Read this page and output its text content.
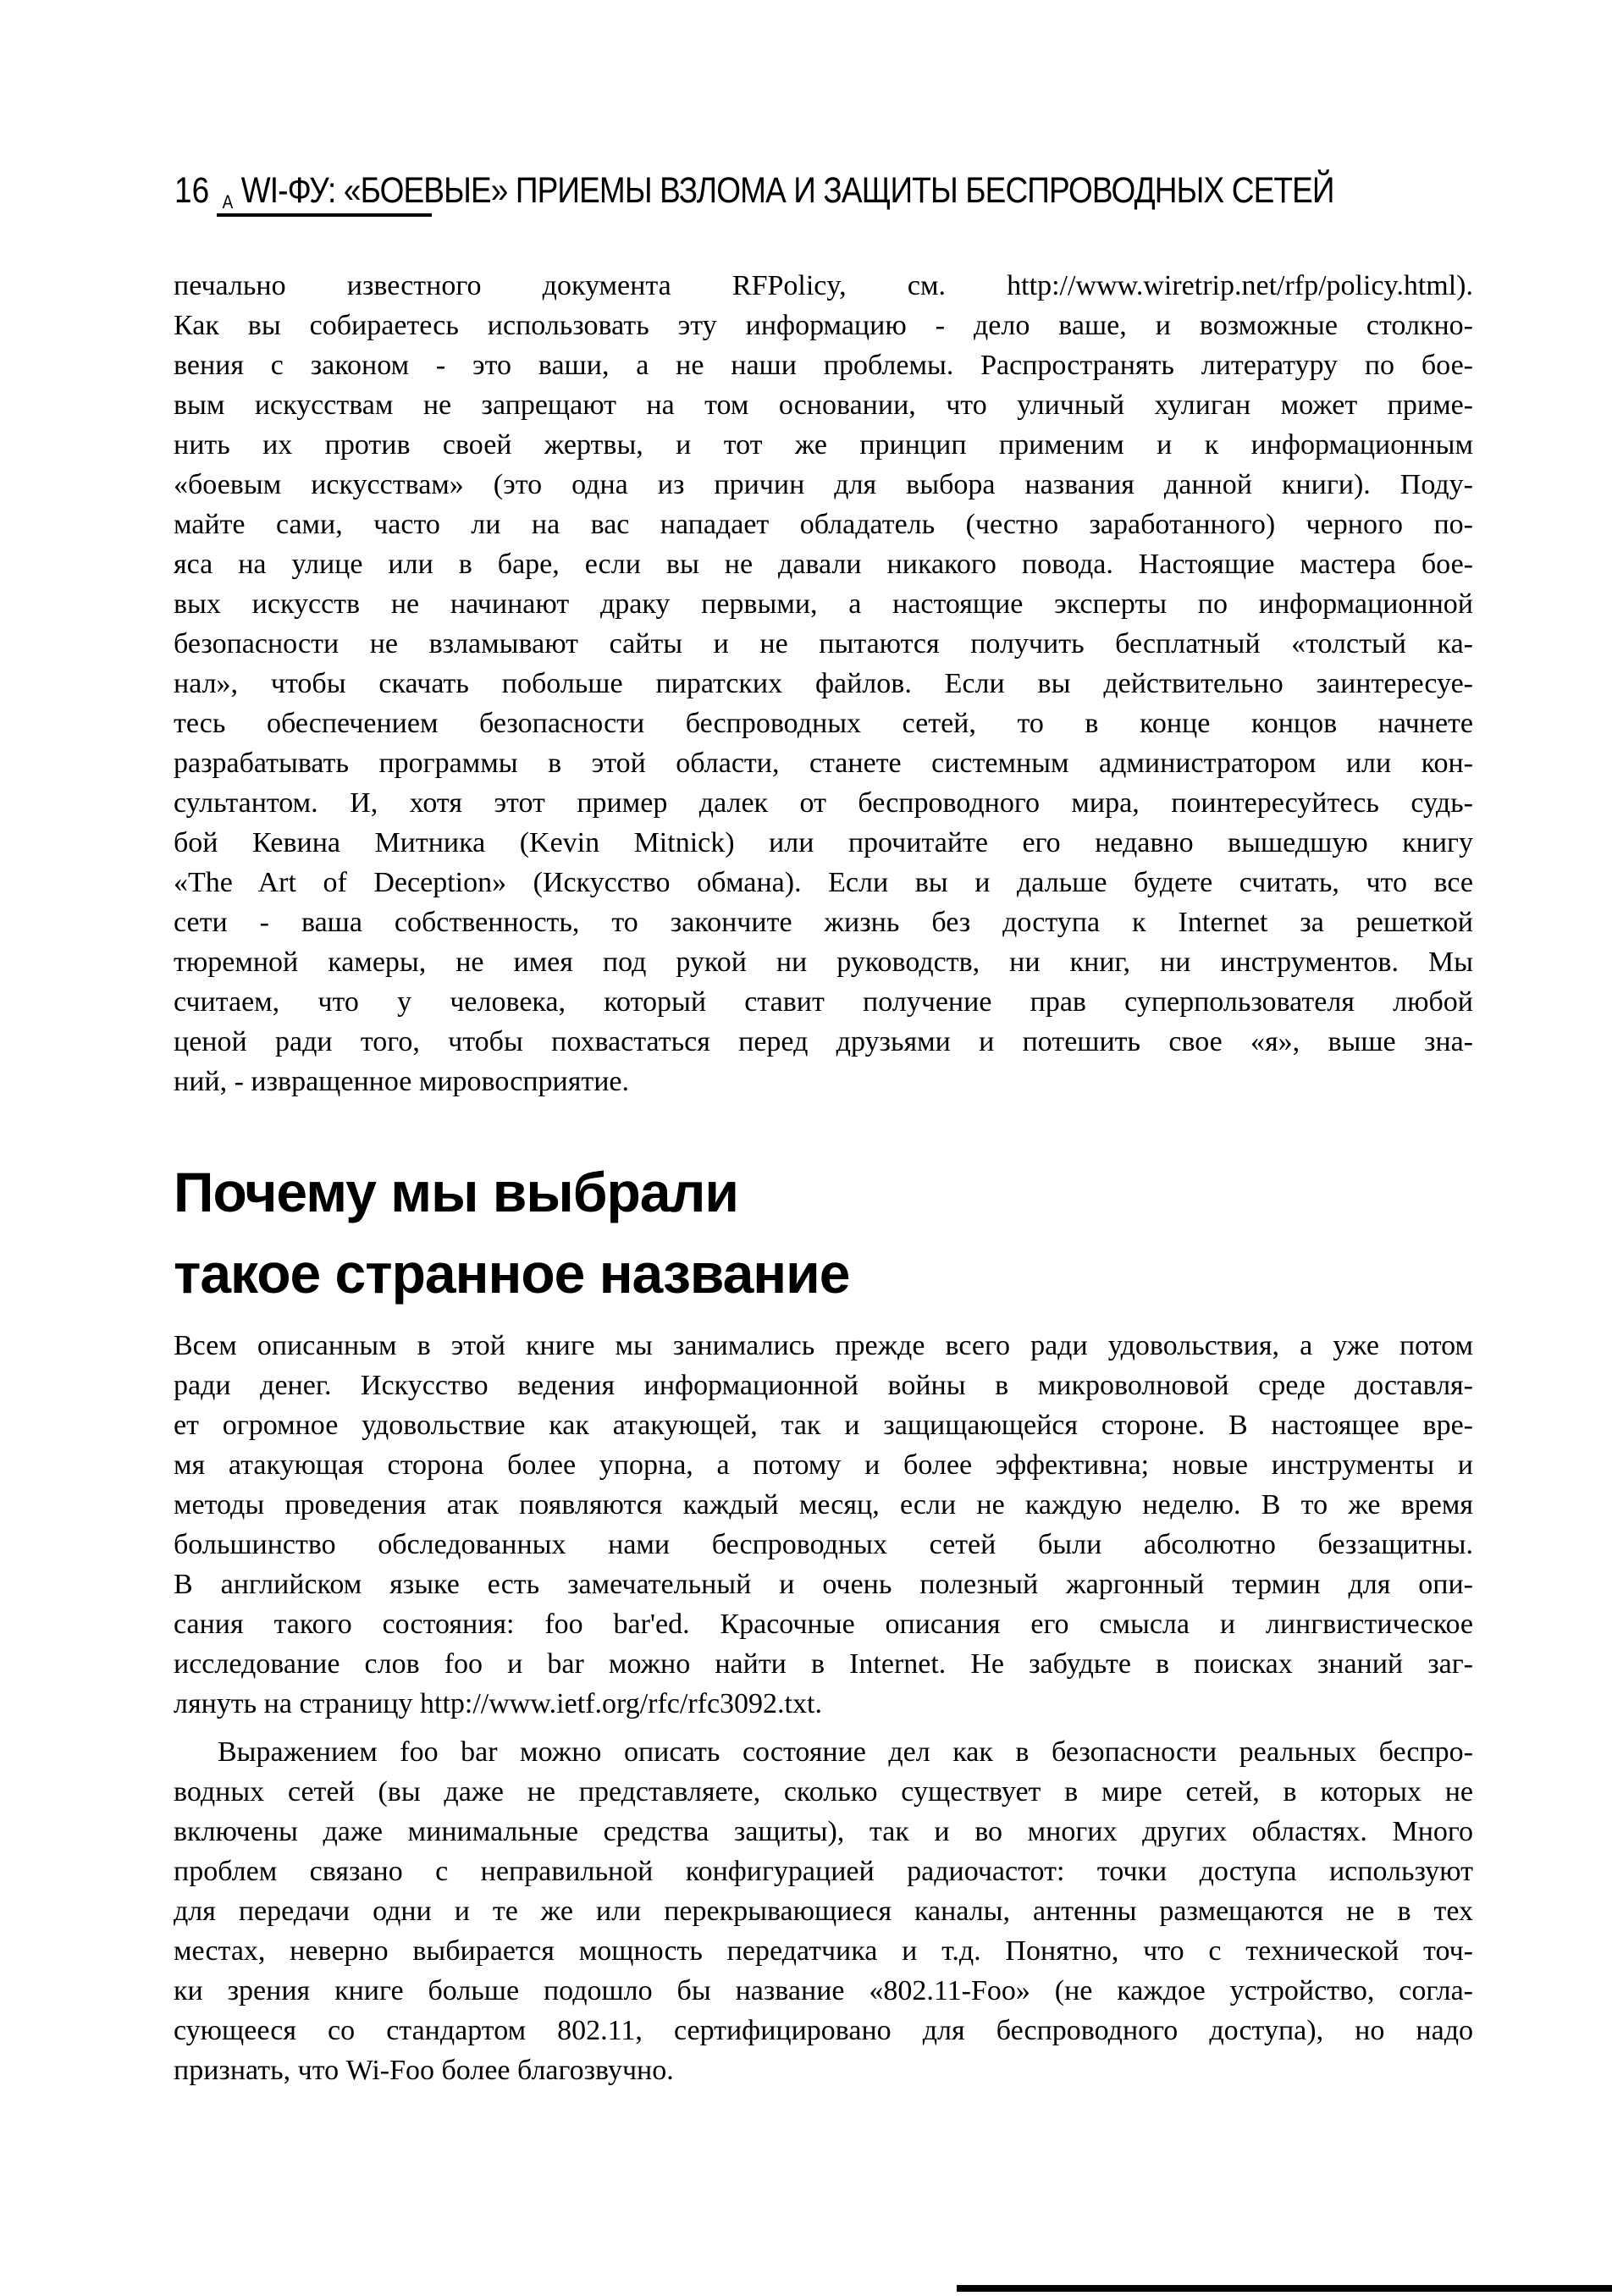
16 А WI-ФУ: «БОЕВЫЕ» ПРИЕМЫ ВЗЛОМА И ЗАЩИТЫ БЕСПРОВОДНЫХ СЕТЕЙ
печально известного документа RFPolicy, см. http://www.wiretrip.net/rfp/policy.html).
Как вы собираетесь использовать эту информацию - дело ваше, и возможные столкно-
вения с законом - это ваши, а не наши проблемы. Распространять литературу по бое-
вым искусствам не запрещают на том основании, что уличный хулиган может приме-
нить их против своей жертвы, и тот же принцип применим и к информационным
«боевым искусствам» (это одна из причин для выбора названия данной книги). Поду-
майте сами, часто ли на вас нападает обладатель (честно заработанного) черного по-
яса на улице или в баре, если вы не давали никакого повода. Настоящие мастера бое-
вых искусств не начинают драку первыми, а настоящие эксперты по информационной
безопасности не взламывают сайты и не пытаются получить бесплатный «толстый ка-
нал», чтобы скачать побольше пиратских файлов. Если вы действительно заинтересуе-
тесь обеспечением безопасности беспроводных сетей, то в конце концов начнете
разрабатывать программы в этой области, станете системным администратором или кон-
сультантом. И, хотя этот пример далек от беспроводного мира, поинтересуйтесь судь-
бой Кевина Митника (Kevin Mitnick) или прочитайте его недавно вышедшую книгу
«The Art of Deception» (Искусство обмана). Если вы и дальше будете считать, что все
сети - ваша собственность, то закончите жизнь без доступа к Internet за решеткой
тюремной камеры, не имея под рукой ни руководств, ни книг, ни инструментов. Мы
считаем, что у человека, который ставит получение прав суперпользователя любой
ценой ради того, чтобы похвастаться перед друзьями и потешить свое «я», выше зна-
ний, - извращенное мировосприятие.
Почему мы выбрали
такое странное название
Всем описанным в этой книге мы занимались прежде всего ради удовольствия, а уже потом
ради денег. Искусство ведения информационной войны в микроволновой среде доставля-
ет огромное удовольствие как атакующей, так и защищающейся стороне. В настоящее вре-
мя атакующая сторона более упорна, а потому и более эффективна; новые инструменты и
методы проведения атак появляются каждый месяц, если не каждую неделю. В то же время
большинство обследованных нами беспроводных сетей были абсолютно беззащитны.
В английском языке есть замечательный и очень полезный жаргонный термин для опи-
сания такого состояния: foo bar'ed. Красочные описания его смысла и лингвистическое
исследование слов foo и bar можно найти в Internet. Не забудьте в поисках знаний заг-
лянуть на страницу http://www.ietf.org/rfc/rfc3092.txt.
Выражением foo bar можно описать состояние дел как в безопасности реальных беспро-
водных сетей (вы даже не представляете, сколько существует в мире сетей, в которых не
включены даже минимальные средства защиты), так и во многих других областях. Много
проблем связано с неправильной конфигурацией радиочастот: точки доступа используют
для передачи одни и те же или перекрывающиеся каналы, антенны размещаются не в тех
местах, неверно выбирается мощность передатчика и т.д. Понятно, что с технической точ-
ки зрения книге больше подошло бы название «802.11-Foo» (не каждое устройство, согла-
сующееся со стандартом 802.11, сертифицировано для беспроводного доступа), но надо
признать, что Wi-Foo более благозвучно.
